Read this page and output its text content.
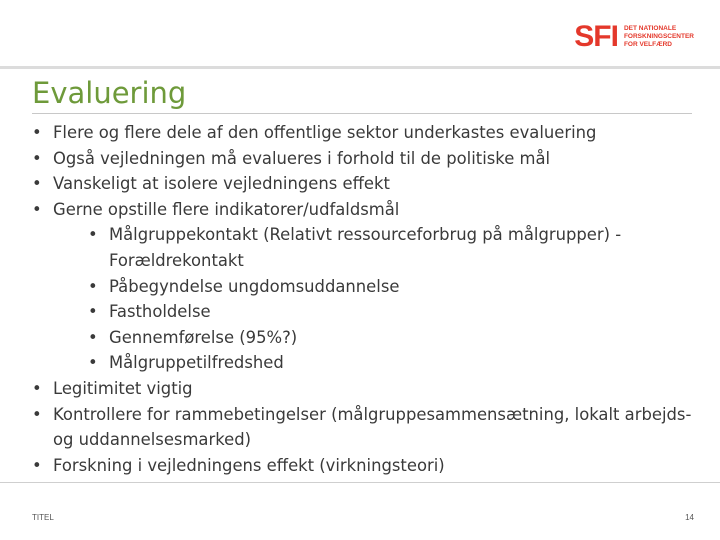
SFI DET NATIONALE
FORSKNINGSCENTER
FOR VELFÆRD
Evaluering
• Flere og flere dele af den offentlige sektor underkastes evaluering
• Også vejledningen må evalueres i forhold til de politiske mål
• Vanskeligt at isolere vejledningens effekt
• Gerne opstille flere indikatorer/udfaldsmål
• Målgruppekontakt (Relativt ressourceforbrug på målgrupper) - Forældrekontakt
• Påbegyndelse ungdomsuddannelse
• Fastholdelse
• Gennemførelse (95%?)
• Målgruppetilfredshed
• Legitimitet vigtig
• Kontrollere for rammebetingelser (målgruppesammensætning, lokalt arbejds- og uddannelsesmarked)
• Forskning i vejledningens effekt (virkningsteori)
TITEL	14
